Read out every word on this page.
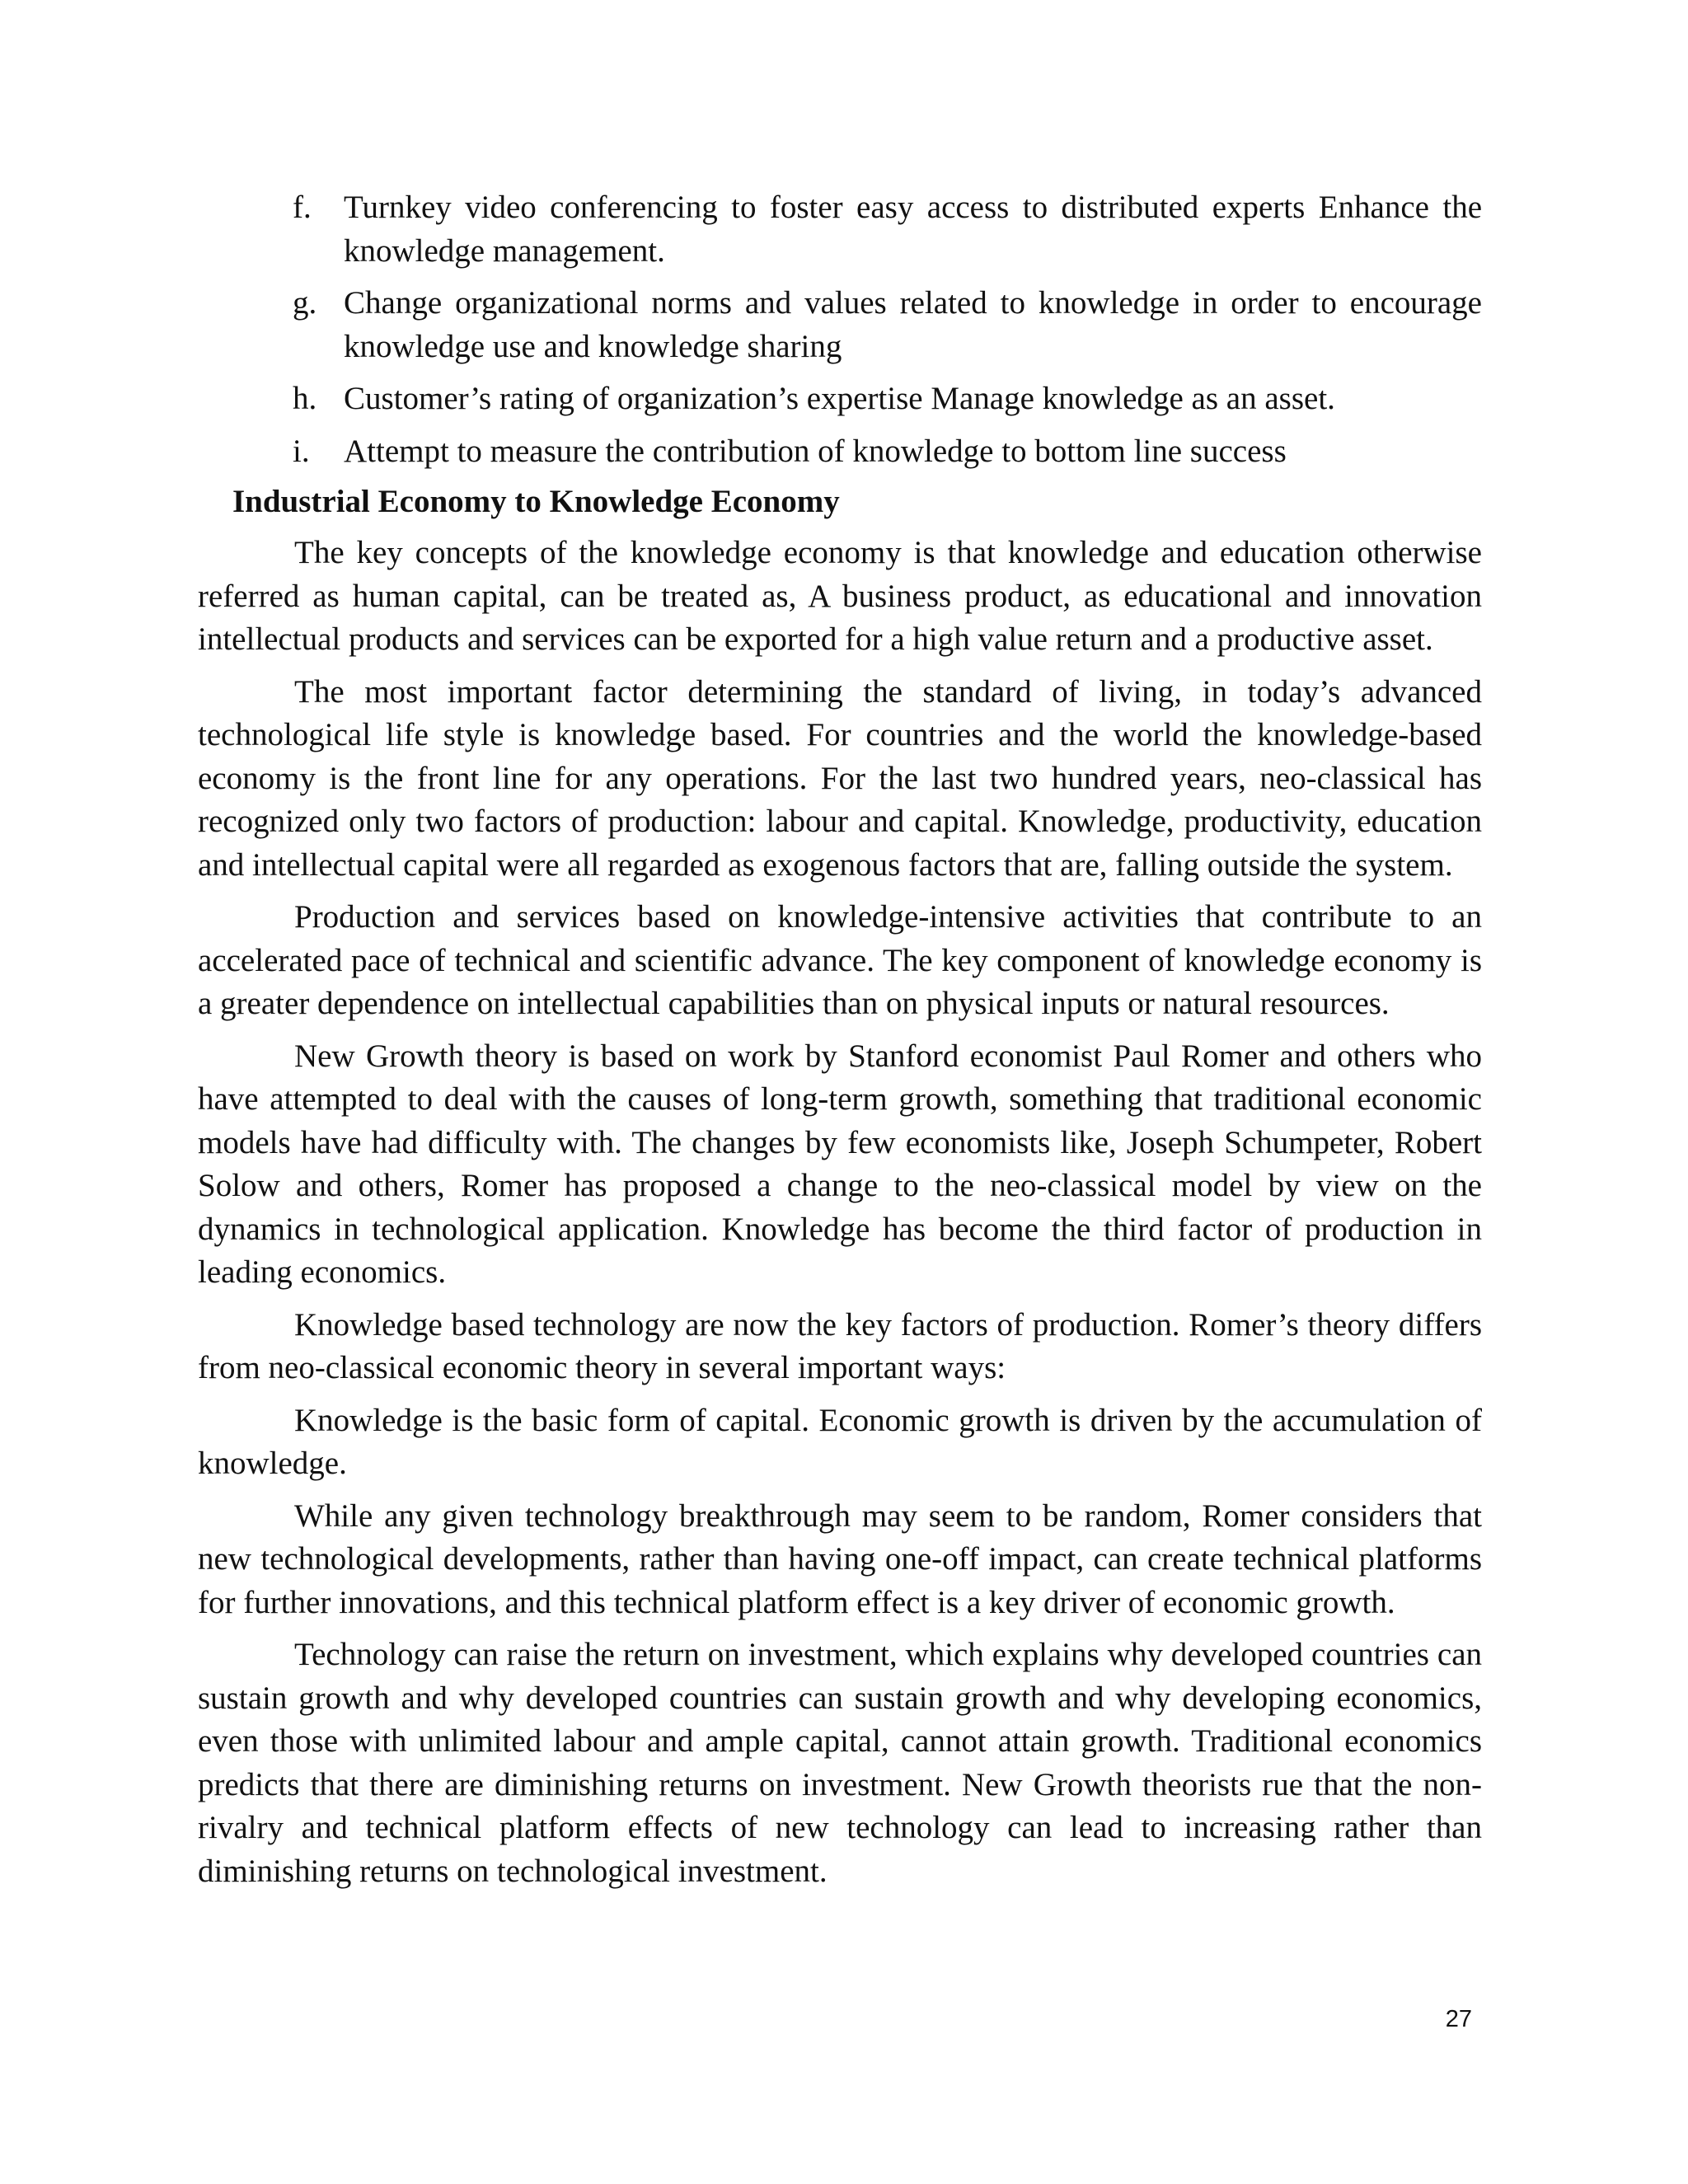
f. Turnkey video conferencing to foster easy access to distributed experts Enhance the knowledge management.
g. Change organizational norms and values related to knowledge in order to encourage knowledge use and knowledge sharing
h. Customer’s rating of organization’s expertise Manage knowledge as an asset.
i. Attempt to measure the contribution of knowledge to bottom line success
Industrial Economy to Knowledge Economy

The key concepts of the knowledge economy is that knowledge and education otherwise referred as human capital, can be treated as, A business product, as educational and innovation intellectual products and services can be exported for a high value return and a productive asset.

The most important factor determining the standard of living, in today’s advanced technological life style is knowledge based. For countries and the world the knowledge-based economy is the front line for any operations. For the last two hundred years, neo-classical has recognized only two factors of production: labour and capital. Knowledge, productivity, education and intellectual capital were all regarded as exogenous factors that are, falling outside the system.

Production and services based on knowledge-intensive activities that contribute to an accelerated pace of technical and scientific advance. The key component of knowledge economy is a greater dependence on intellectual capabilities than on physical inputs or natural resources.

New Growth theory is based on work by Stanford economist Paul Romer and others who have attempted to deal with the causes of long-term growth, something that traditional economic models have had difficulty with. The changes by few economists like, Joseph Schumpeter, Robert Solow and others, Romer has proposed a change to the neo-classical model by view on the dynamics in technological application. Knowledge has become the third factor of production in leading economics.

Knowledge based technology are now the key factors of production. Romer’s theory differs from neo-classical economic theory in several important ways:

Knowledge is the basic form of capital. Economic growth is driven by the accumulation of knowledge.

While any given technology breakthrough may seem to be random, Romer considers that new technological developments, rather than having one-off impact, can create technical platforms for further innovations, and this technical platform effect is a key driver of economic growth.

Technology can raise the return on investment, which explains why developed countries can sustain growth and why developed countries can sustain growth and why developing economics, even those with unlimited labour and ample capital, cannot attain growth. Traditional economics predicts that there are diminishing returns on investment. New Growth theorists rue that the non-rivalry and technical platform effects of new technology can lead to increasing rather than diminishing returns on technological investment.

27
